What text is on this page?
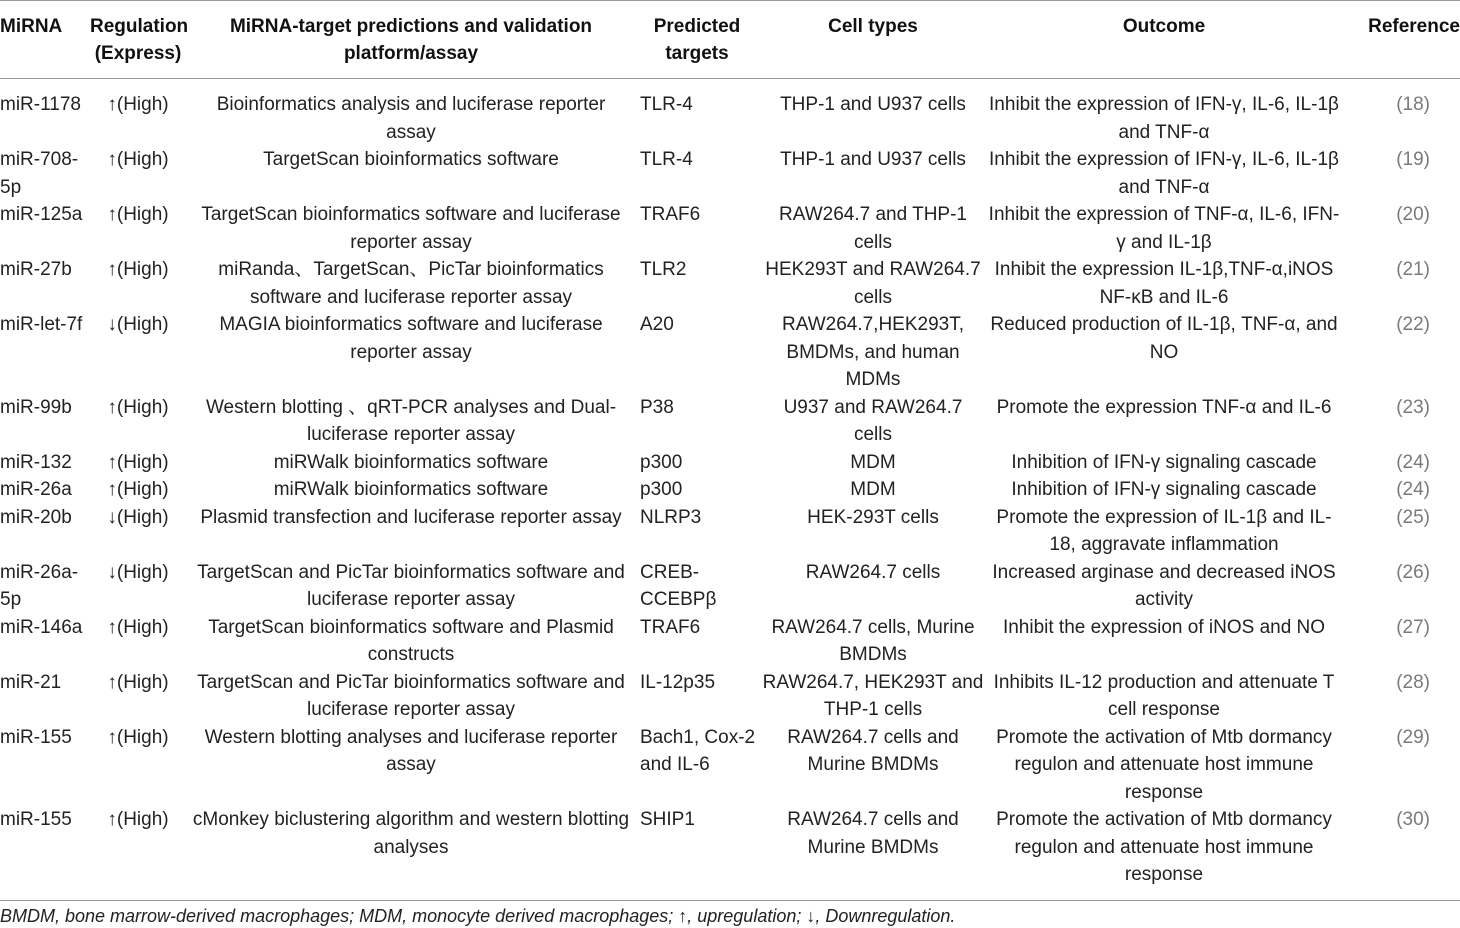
MiRNA	Regulation (Express)	MiRNA-target predictions and validation platform/assay	Predicted targets	Cell types	Outcome	Reference
miR-1178	↑(High)	Bioinformatics analysis and luciferase reporter assay	TLR-4	THP-1 and U937 cells	Inhibit the expression of IFN-γ, IL-6, IL-1β and TNF-α	(18)
miR-708-5p	↑(High)	TargetScan bioinformatics software	TLR-4	THP-1 and U937 cells	Inhibit the expression of IFN-γ, IL-6, IL-1β and TNF-α	(19)
miR-125a	↑(High)	TargetScan bioinformatics software and luciferase reporter assay	TRAF6	RAW264.7 and THP-1 cells	Inhibit the expression of TNF-α, IL-6, IFN-γ and IL-1β	(20)
miR-27b	↑(High)	miRanda、TargetScan、PicTar bioinformatics software and luciferase reporter assay	TLR2	HEK293T and RAW264.7 cells	Inhibit the expression IL-1β,TNF-α,iNOS NF-κB and IL-6	(21)
miR-let-7f	↓(High)	MAGIA bioinformatics software and luciferase reporter assay	A20	RAW264.7,HEK293T, BMDMs, and human MDMs	Reduced production of IL-1β, TNF-α, and NO	(22)
miR-99b	↑(High)	Western blotting 、qRT-PCR analyses and Dual-luciferase reporter assay	P38	U937 and RAW264.7 cells	Promote the expression TNF-α and IL-6	(23)
miR-132	↑(High)	miRWalk bioinformatics software	p300	MDM	Inhibition of IFN-γ signaling cascade	(24)
miR-26a	↑(High)	miRWalk bioinformatics software	p300	MDM	Inhibition of IFN-γ signaling cascade	(24)
miR-20b	↓(High)	Plasmid transfection and luciferase reporter assay	NLRP3	HEK-293T cells	Promote the expression of IL-1β and IL-18, aggravate inflammation	(25)
miR-26a-5p	↓(High)	TargetScan and PicTar bioinformatics software and luciferase reporter assay	CREB-CCEBPβ	RAW264.7 cells	Increased arginase and decreased iNOS activity	(26)
miR-146a	↑(High)	TargetScan bioinformatics software and Plasmid constructs	TRAF6	RAW264.7 cells, Murine BMDMs	Inhibit the expression of iNOS and NO	(27)
miR-21	↑(High)	TargetScan and PicTar bioinformatics software and luciferase reporter assay	IL-12p35	RAW264.7, HEK293T and THP-1 cells	Inhibits IL-12 production and attenuate T cell response	(28)
miR-155	↑(High)	Western blotting analyses and luciferase reporter assay	Bach1, Cox-2 and IL-6	RAW264.7 cells and Murine BMDMs	Promote the activation of Mtb dormancy regulon and attenuate host immune response	(29)
miR-155	↑(High)	cMonkey biclustering algorithm and western blotting analyses	SHIP1	RAW264.7 cells and Murine BMDMs	Promote the activation of Mtb dormancy regulon and attenuate host immune response	(30)
BMDM, bone marrow-derived macrophages; MDM, monocyte derived macrophages; ↑, upregulation; ↓, Downregulation.
